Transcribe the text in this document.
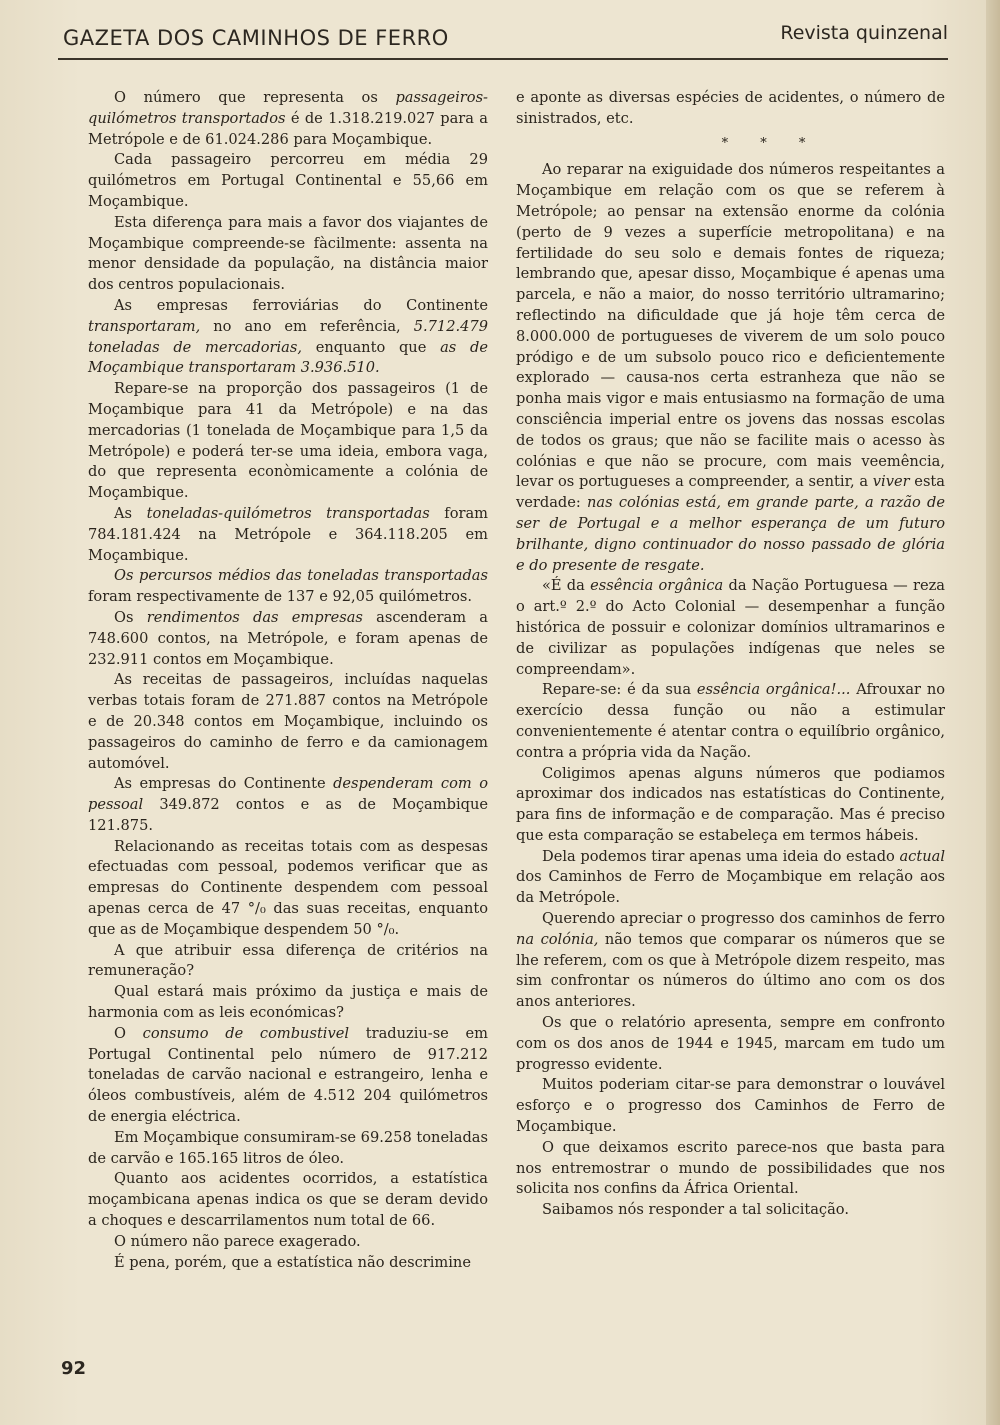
GAZETA DOS CAMINHOS DE FERRO	Revista quinzenal

O número que representa os passageiros-quilómetros transportados é de 1.318.219.027 para a Metrópole e de 61.024.286 para Moçambique.

Cada passageiro percorreu em média 29 quilómetros em Portugal Continental e 55,66 em Moçambique.

Esta diferença para mais a favor dos viajantes de Moçambique compreende-se fàcilmente: assenta na menor densidade da população, na distância maior dos centros populacionais.

As empresas ferroviárias do Continente transportaram, no ano em referência, 5.712.479 toneladas de mercadorias, enquanto que as de Moçambique transportaram 3.936.510.

Repare-se na proporção dos passageiros (1 de Moçambique para 41 da Metrópole) e na das mercadorias (1 tonelada de Moçambique para 1,5 da Metrópole) e poderá ter-se uma ideia, embora vaga, do que representa econòmicamente a colónia de Moçambique.

As toneladas-quilómetros transportadas foram 784.181.424 na Metrópole e 364.118.205 em Moçambique.

Os percursos médios das toneladas transportadas foram respectivamente de 137 e 92,05 quilómetros.

Os rendimentos das empresas ascenderam a 748.600 contos, na Metrópole, e foram apenas de 232.911 contos em Moçambique.

As receitas de passageiros, incluídas naquelas verbas totais foram de 271.887 contos na Metrópole e de 20.348 contos em Moçambique, incluindo os passageiros do caminho de ferro e da camionagem automóvel.

As empresas do Continente despenderam com o pessoal 349.872 contos e as de Moçambique 121.875.

Relacionando as receitas totais com as despesas efectuadas com pessoal, podemos verificar que as empresas do Continente despendem com pessoal apenas cerca de 47 °/₀ das suas receitas, enquanto que as de Moçambique despendem 50 °/₀.

A que atribuir essa diferença de critérios na remuneração?

Qual estará mais próximo da justiça e mais de harmonia com as leis económicas?

O consumo de combustivel traduziu-se em Portugal Continental pelo número de 917.212 toneladas de carvão nacional e estrangeiro, lenha e óleos combustíveis, além de 4.512 204 quilómetros de energia eléctrica.

Em Moçambique consumiram-se 69.258 toneladas de carvão e 165.165 litros de óleo.

Quanto aos acidentes ocorridos, a estatística moçambicana apenas indica os que se deram devido a choques e descarrilamentos num total de 66.

O número não parece exagerado.

É pena, porém, que a estatística não descrimine

e aponte as diversas espécies de acidentes, o número de sinistrados, etc.

* * *

Ao reparar na exiguidade dos números respeitantes a Moçambique em relação com os que se referem à Metrópole; ao pensar na extensão enorme da colónia (perto de 9 vezes a superfície metropolitana) e na fertilidade do seu solo e demais fontes de riqueza; lembrando que, apesar disso, Moçambique é apenas uma parcela, e não a maior, do nosso território ultramarino; reflectindo na dificuldade que já hoje têm cerca de 8.000.000 de portugueses de viverem de um solo pouco pródigo e de um subsolo pouco rico e deficientemente explorado — causa-nos certa estranheza que não se ponha mais vigor e mais entusiasmo na formação de uma consciência imperial entre os jovens das nossas escolas de todos os graus; que não se facilite mais o acesso às colónias e que não se procure, com mais veemência, levar os portugueses a compreender, a sentir, a viver esta verdade: nas colónias está, em grande parte, a razão de ser de Portugal e a melhor esperança de um futuro brilhante, digno continuador do nosso passado de glória e do presente de resgate.

«É da essência orgânica da Nação Portuguesa — reza o art.º 2.º do Acto Colonial — desempenhar a função histórica de possuir e colonizar domínios ultramarinos e de civilizar as populações indígenas que neles se compreendam».

Repare-se: é da sua essência orgânica!... Afrouxar no exercício dessa função ou não a estimular convenientemente é atentar contra o equilíbrio orgânico, contra a própria vida da Nação.

Coligimos apenas alguns números que podiamos aproximar dos indicados nas estatísticas do Continente, para fins de informação e de comparação. Mas é preciso que esta comparação se estabeleça em termos hábeis.

Dela podemos tirar apenas uma ideia do estado actual dos Caminhos de Ferro de Moçambique em relação aos da Metrópole.

Querendo apreciar o progresso dos caminhos de ferro na colónia, não temos que comparar os números que se lhe referem, com os que à Metrópole dizem respeito, mas sim confrontar os números do último ano com os dos anos anteriores.

Os que o relatório apresenta, sempre em confronto com os dos anos de 1944 e 1945, marcam em tudo um progresso evidente.

Muitos poderiam citar-se para demonstrar o louvável esforço e o progresso dos Caminhos de Ferro de Moçambique.

O que deixamos escrito parece-nos que basta para nos entremostrar o mundo de possibilidades que nos solicita nos confins da África Oriental.

Saibamos nós responder a tal solicitação.

92
